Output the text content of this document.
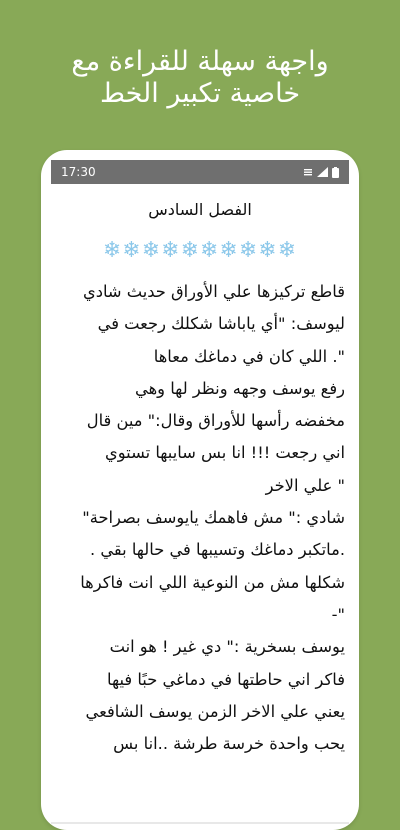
واجهة سهلة للقراءة مع
خاصية تكبير الخط
17:30
الفصل السادس
❄❄❄❄❄❄❄❄❄❄
قاطع تركيزها علي الأوراق حديث شادي
ليوسف: "أي ياباشا شكلك رجعت في
". اللي كان في دماغك معاها
رفع يوسف وجهه ونظر لها وهي
مخفضه رأسها للأوراق وقال:" مين قال
اني رجعت !!! انا بس سايبها تستوي
" علي الاخر
شادي :" مش فاهمك يايوسف بصراحة"
.ماتكبر دماغك وتسيبها في حالها بقي .
شكلها مش من النوعية اللي انت فاكرها
"-
يوسف بسخرية :" دي غير ! هو انت
فاكر اني حاطتها في دماغي حبًا فيها
يعني علي الاخر الزمن يوسف الشافعي
يحب واحدة خرسة طرشة ..انا بس
